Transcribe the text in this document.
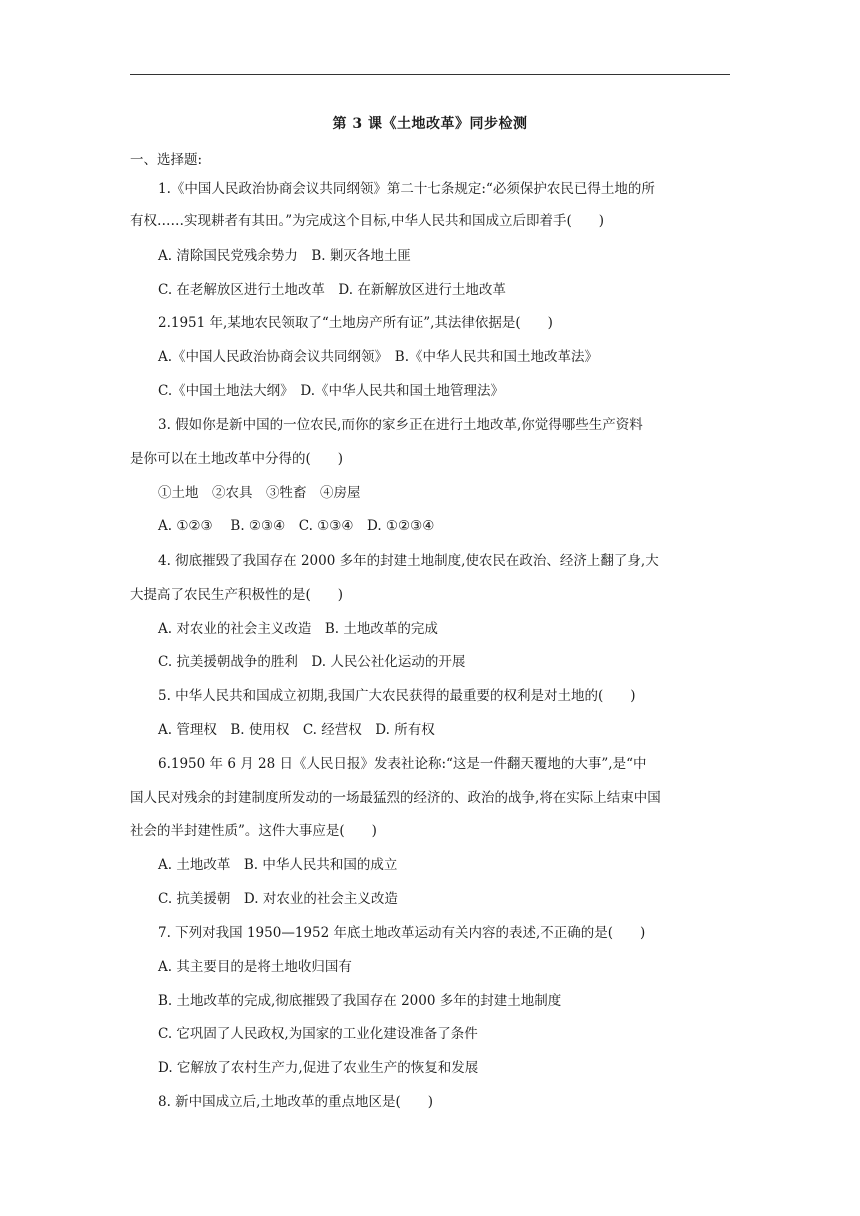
第 3 课《土地改革》同步检测
一、选择题:
1.《中国人民政治协商会议共同纲领》第二十七条规定:“必须保护农民已得土地的所
有权……实现耕者有其田。”为完成这个目标,中华人民共和国成立后即着手(　　)
A. 清除国民党残余势力　B. 剿灭各地土匪
C. 在老解放区进行土地改革　D. 在新解放区进行土地改革
2.1951 年,某地农民领取了“土地房产所有证”,其法律依据是(　　)
A.《中国人民政治协商会议共同纲领》　B.《中华人民共和国土地改革法》
C.《中国土地法大纲》　D.《中华人民共和国土地管理法》
3. 假如你是新中国的一位农民,而你的家乡正在进行土地改革,你觉得哪些生产资料
是你可以在土地改革中分得的(　　)
①土地　②农具　③牲畜　④房屋
A. ①②③　 B. ②③④　C. ①③④　D. ①②③④
4. 彻底摧毁了我国存在 2000 多年的封建土地制度,使农民在政治、经济上翻了身,大
大提高了农民生产积极性的是(　　)
A. 对农业的社会主义改造　B. 土地改革的完成
C. 抗美援朝战争的胜利　D. 人民公社化运动的开展
5. 中华人民共和国成立初期,我国广大农民获得的最重要的权利是对土地的(　　)
A. 管理权　B. 使用权　C. 经营权　D. 所有权
6.1950 年 6 月 28 日《人民日报》发表社论称:“这是一件翻天覆地的大事”,是“中
国人民对残余的封建制度所发动的一场最猛烈的经济的、政治的战争,将在实际上结束中国
社会的半封建性质”。这件大事应是(　　)
A. 土地改革　B. 中华人民共和国的成立
C. 抗美援朝　D. 对农业的社会主义改造
7. 下列对我国 1950—1952 年底土地改革运动有关内容的表述,不正确的是(　　)
A. 其主要目的是将土地收归国有
B. 土地改革的完成,彻底摧毁了我国存在 2000 多年的封建土地制度
C. 它巩固了人民政权,为国家的工业化建设准备了条件
D. 它解放了农村生产力,促进了农业生产的恢复和发展
8. 新中国成立后,土地改革的重点地区是(　　)
